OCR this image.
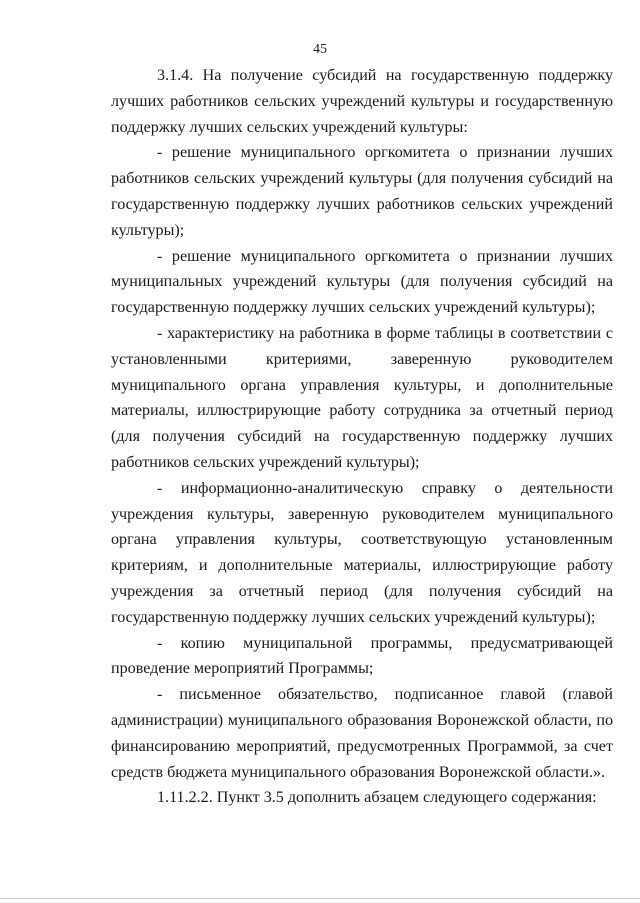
45

3.1.4. На получение субсидий на государственную поддержку лучших работников сельских учреждений культуры и государственную поддержку лучших сельских учреждений культуры:

- решение муниципального оргкомитета о признании лучших работников сельских учреждений культуры (для получения субсидий на государственную поддержку лучших работников сельских учреждений культуры);

- решение муниципального оргкомитета о признании лучших муниципальных учреждений культуры (для получения субсидий на государственную поддержку лучших сельских учреждений культуры);

- характеристику на работника в форме таблицы в соответствии с установленными критериями, заверенную руководителем муниципального органа управления культуры, и дополнительные материалы, иллюстрирующие работу сотрудника за отчетный период (для получения субсидий на государственную поддержку лучших работников сельских учреждений культуры);

- информационно-аналитическую справку о деятельности учреждения культуры, заверенную руководителем муниципального органа управления культуры, соответствующую установленным критериям, и дополнительные материалы, иллюстрирующие работу учреждения за отчетный период (для получения субсидий на государственную поддержку лучших сельских учреждений культуры);

- копию муниципальной программы, предусматривающей проведение мероприятий Программы;

- письменное обязательство, подписанное главой (главой администрации) муниципального образования Воронежской области, по финансированию мероприятий, предусмотренных Программой, за счет средств бюджета муниципального образования Воронежской области.».

1.11.2.2. Пункт 3.5 дополнить абзацем следующего содержания:
